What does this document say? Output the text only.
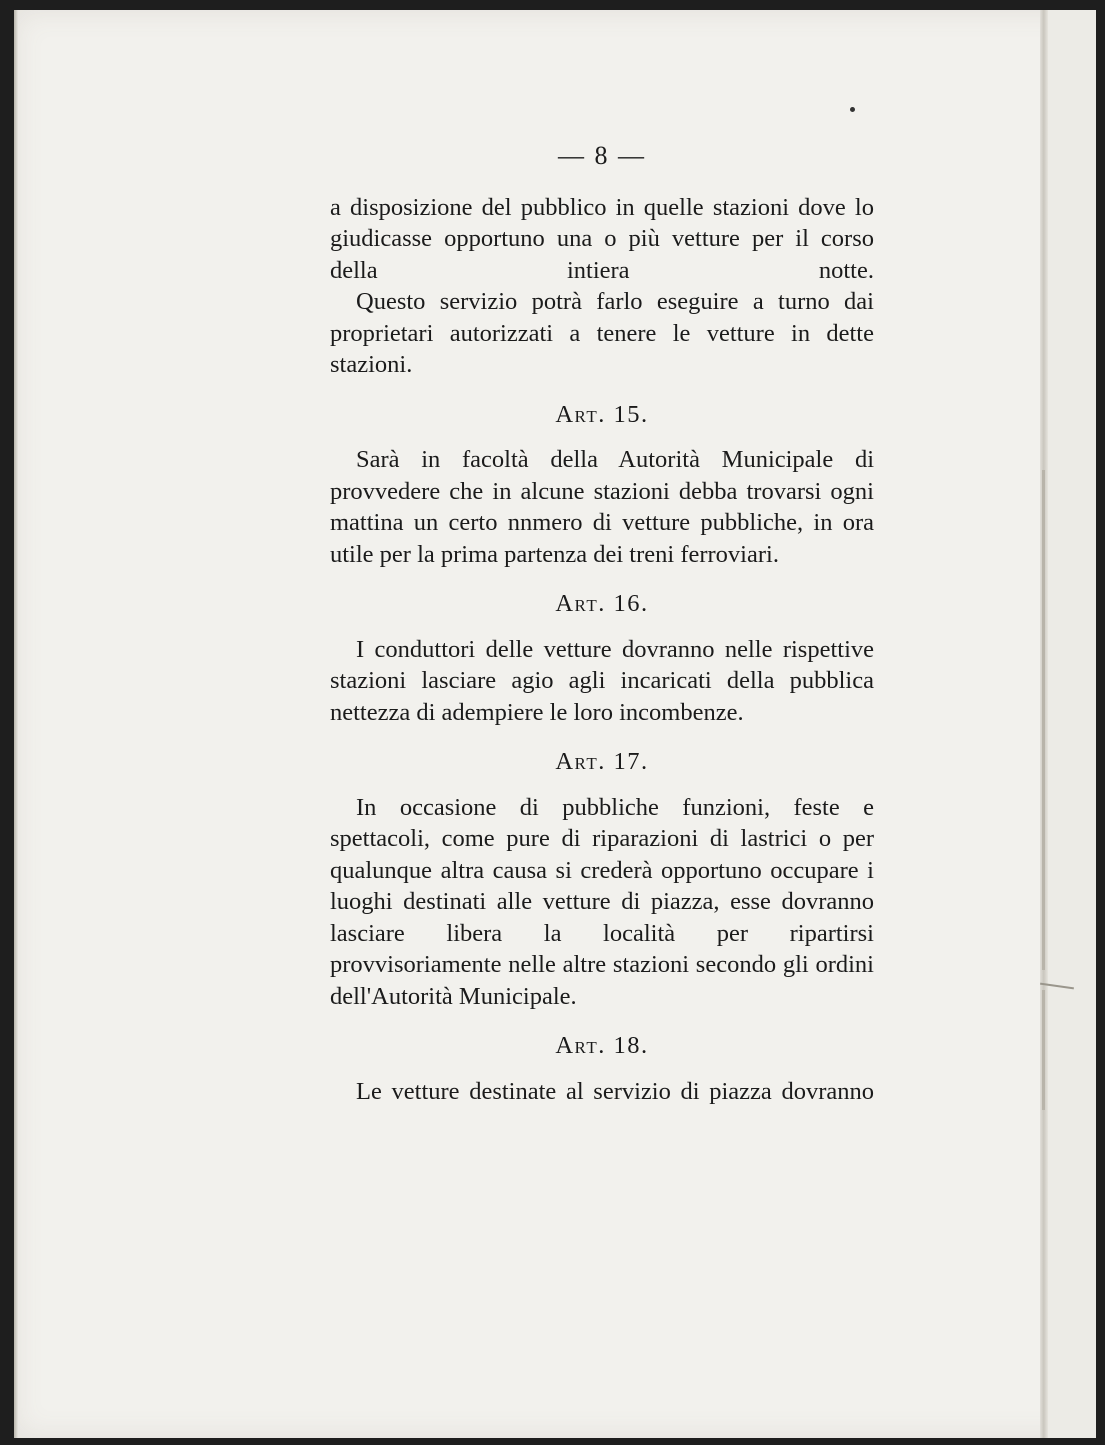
— 8 —

a disposizione del pubblico in quelle stazioni dove lo giudicasse opportuno una o più vetture per il corso della intiera notte.

Questo servizio potrà farlo eseguire a turno dai proprietari autorizzati a tenere le vetture in dette stazioni.

Art. 15.

Sarà in facoltà della Autorità Municipale di provvedere che in alcune stazioni debba trovarsi ogni mattina un certo nnmero di vetture pubbliche, in ora utile per la prima partenza dei treni ferroviari.

Art. 16.

I conduttori delle vetture dovranno nelle rispettive stazioni lasciare agio agli incaricati della pubblica nettezza di adempiere le loro incombenze.

Art. 17.

In occasione di pubbliche funzioni, feste e spettacoli, come pure di riparazioni di lastrici o per qualunque altra causa si crederà opportuno occupare i luoghi destinati alle vetture di piazza, esse dovranno lasciare libera la località per ripartirsi provvisoriamente nelle altre stazioni secondo gli ordini dell'Autorità Municipale.

Art. 18.

Le vetture destinate al servizio di piazza dovranno
